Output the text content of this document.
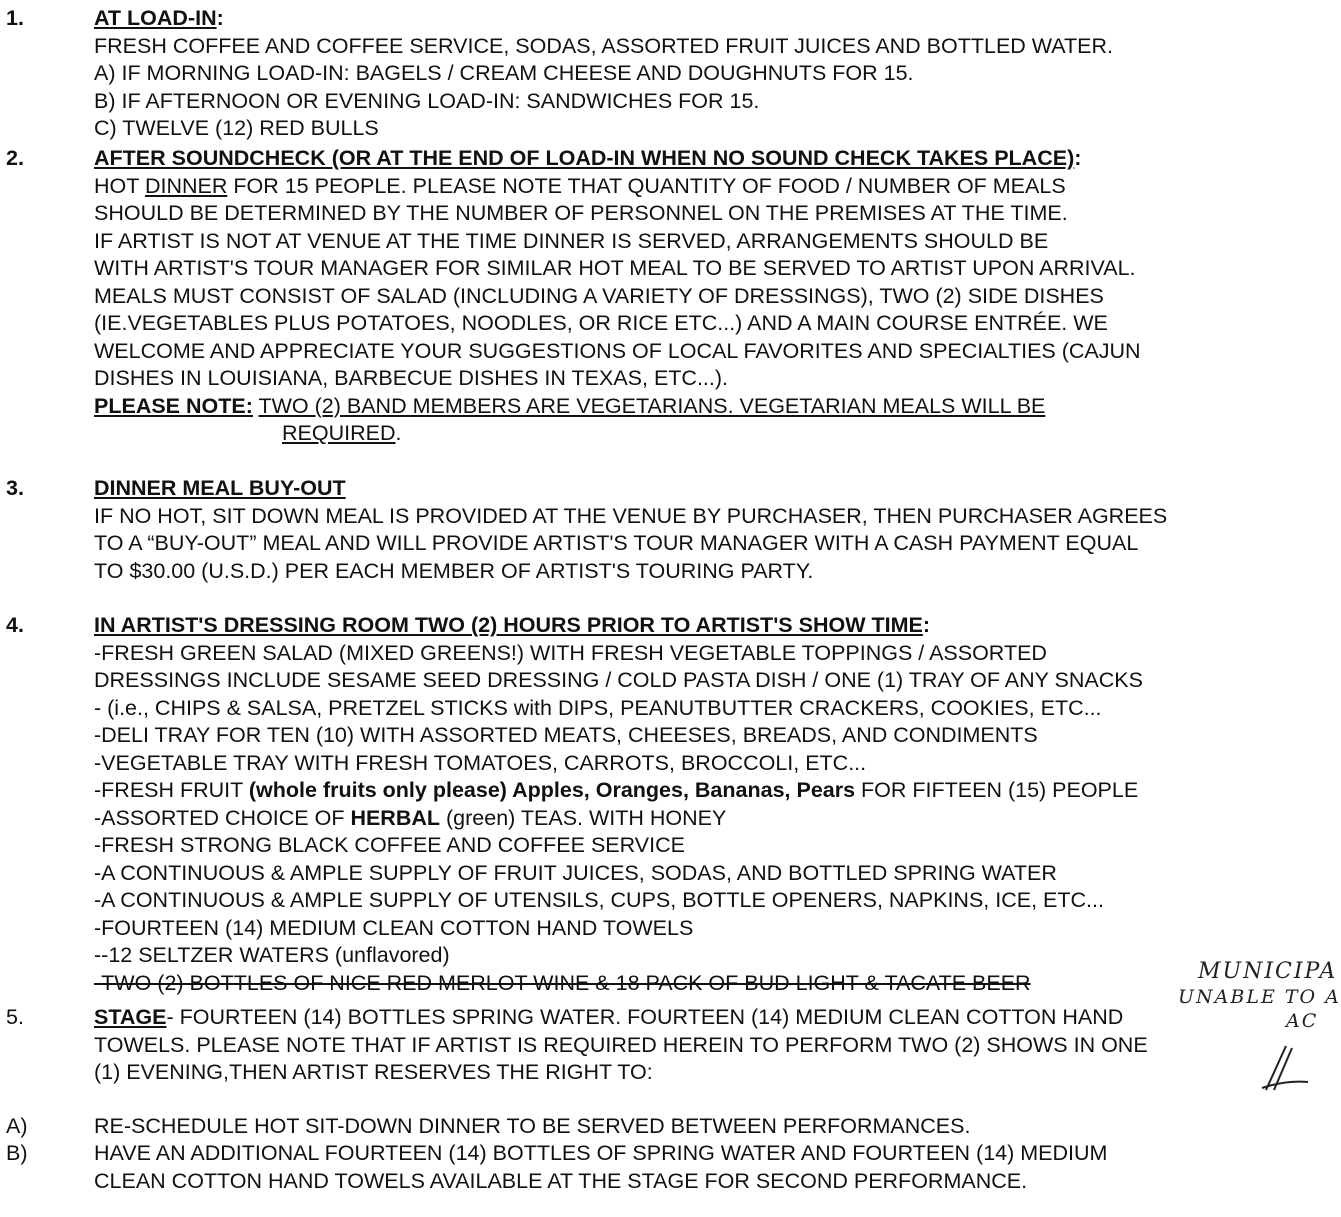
1.	AT LOAD-IN:
FRESH COFFEE AND COFFEE SERVICE, SODAS, ASSORTED FRUIT JUICES AND BOTTLED WATER.
A) IF MORNING LOAD-IN: BAGELS / CREAM CHEESE AND DOUGHNUTS FOR 15.
B) IF AFTERNOON OR EVENING LOAD-IN: SANDWICHES FOR 15.
C) TWELVE (12) RED BULLS
2.	AFTER SOUNDCHECK (OR AT THE END OF LOAD-IN WHEN NO SOUND CHECK TAKES PLACE):
HOT DINNER FOR 15 PEOPLE. PLEASE NOTE THAT QUANTITY OF FOOD / NUMBER OF MEALS
SHOULD BE DETERMINED BY THE NUMBER OF PERSONNEL ON THE PREMISES AT THE TIME.
IF ARTIST IS NOT AT VENUE AT THE TIME DINNER IS SERVED, ARRANGEMENTS SHOULD BE
WITH ARTIST'S TOUR MANAGER FOR SIMILAR HOT MEAL TO BE SERVED TO ARTIST UPON ARRIVAL.
MEALS MUST CONSIST OF SALAD (INCLUDING A VARIETY OF DRESSINGS), TWO (2) SIDE DISHES
(IE.VEGETABLES PLUS POTATOES, NOODLES, OR RICE ETC...) AND A MAIN COURSE ENTRÉE. WE
WELCOME AND APPRECIATE YOUR SUGGESTIONS OF LOCAL FAVORITES AND SPECIALTIES (CAJUN
DISHES IN LOUISIANA, BARBECUE DISHES IN TEXAS, ETC...).
PLEASE NOTE: TWO (2) BAND MEMBERS ARE VEGETARIANS. VEGETARIAN MEALS WILL BE
REQUIRED.
3.	DINNER MEAL BUY-OUT
IF NO HOT, SIT DOWN MEAL IS PROVIDED AT THE VENUE BY PURCHASER, THEN PURCHASER AGREES
TO A “BUY-OUT” MEAL AND WILL PROVIDE ARTIST'S TOUR MANAGER WITH A CASH PAYMENT EQUAL
TO $30.00 (U.S.D.) PER EACH MEMBER OF ARTIST'S TOURING PARTY.
4.	IN ARTIST'S DRESSING ROOM TWO (2) HOURS PRIOR TO ARTIST'S SHOW TIME:
-FRESH GREEN SALAD (MIXED GREENS!) WITH FRESH VEGETABLE TOPPINGS / ASSORTED
DRESSINGS INCLUDE SESAME SEED DRESSING / COLD PASTA DISH / ONE (1) TRAY OF ANY SNACKS
- (i.e., CHIPS & SALSA, PRETZEL STICKS with DIPS, PEANUTBUTTER CRACKERS, COOKIES, ETC...
-DELI TRAY FOR TEN (10) WITH ASSORTED MEATS, CHEESES, BREADS, AND CONDIMENTS
-VEGETABLE TRAY WITH FRESH TOMATOES, CARROTS, BROCCOLI, ETC...
-FRESH FRUIT (whole fruits only please) Apples, Oranges, Bananas, Pears FOR FIFTEEN (15) PEOPLE
-ASSORTED CHOICE OF HERBAL (green) TEAS. WITH HONEY
-FRESH STRONG BLACK COFFEE AND COFFEE SERVICE
-A CONTINUOUS & AMPLE SUPPLY OF FRUIT JUICES, SODAS, AND BOTTLED SPRING WATER
-A CONTINUOUS & AMPLE SUPPLY OF UTENSILS, CUPS, BOTTLE OPENERS, NAPKINS, ICE, ETC...
-FOURTEEN (14) MEDIUM CLEAN COTTON HAND TOWELS
--12 SELTZER WATERS (unflavored)
-TWO (2) BOTTLES OF NICE RED MERLOT WINE & 18 PACK OF BUD LIGHT & TACATE BEER	MUNICIPA
UNABLE TO A
AC
5.	STAGE- FOURTEEN (14) BOTTLES SPRING WATER. FOURTEEN (14) MEDIUM CLEAN COTTON HAND
TOWELS. PLEASE NOTE THAT IF ARTIST IS REQUIRED HEREIN TO PERFORM TWO (2) SHOWS IN ONE
(1) EVENING,THEN ARTIST RESERVES THE RIGHT TO:
A)	RE-SCHEDULE HOT SIT-DOWN DINNER TO BE SERVED BETWEEN PERFORMANCES.
B)	HAVE AN ADDITIONAL FOURTEEN (14) BOTTLES OF SPRING WATER AND FOURTEEN (14) MEDIUM
CLEAN COTTON HAND TOWELS AVAILABLE AT THE STAGE FOR SECOND PERFORMANCE.
